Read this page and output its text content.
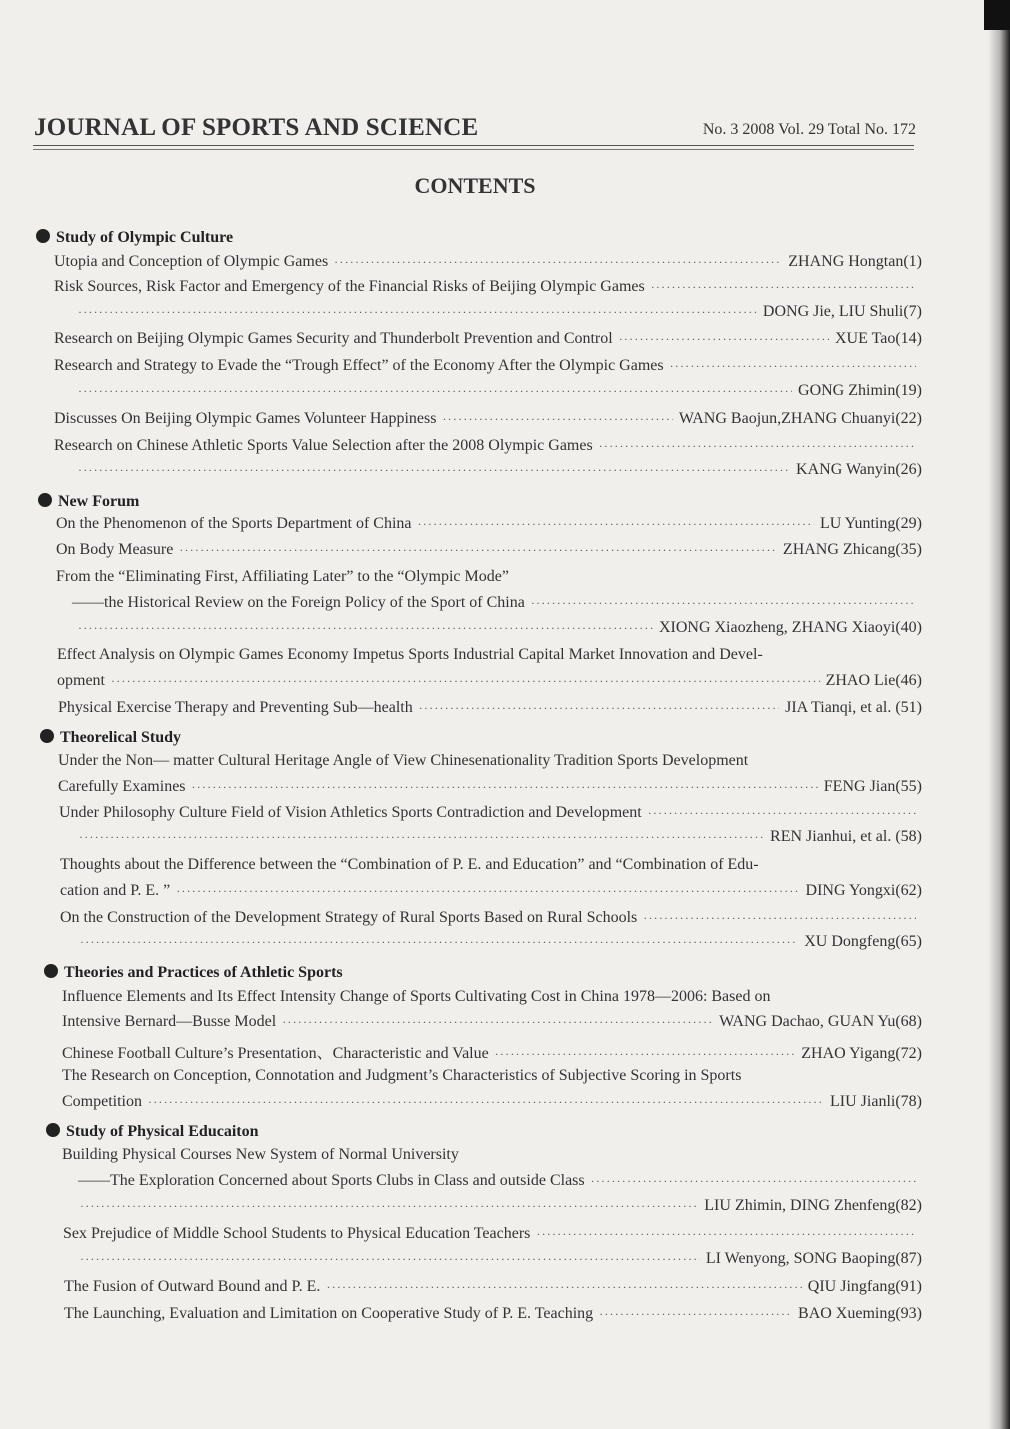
JOURNAL OF SPORTS AND SCIENCE	No. 3 2008 Vol. 29 Total No. 172
CONTENTS
Study of Olympic Culture
Utopia and Conception of Olympic Games ·····	ZHANG Hongtan(1)
Risk Sources, Risk Factor and Emergency of the Financial Risks of Beijing Olympic Games
·····
·····
DONG Jie, LIU Shuli(7)
Research on Beijing Olympic Games Security and Thunderbolt Prevention and Control ·····	XUE Tao(14)
Research and Strategy to Evade the “Trough Effect” of the Economy After the Olympic Games
·····
·····
GONG Zhimin(19)
Discusses On Beijing Olympic Games Volunteer Happiness ·····	WANG Baojun,ZHANG Chuanyi(22)
Research on Chinese Athletic Sports Value Selection after the 2008 Olympic Games
·····
·····
KANG Wanyin(26)
New Forum
On the Phenomenon of the Sports Department of China ·····	LU Yunting(29)
On Body Measure ·····	ZHANG Zhicang(35)
From the “Eliminating First, Affiliating Later” to the “Olympic Mode”
——the Historical Review on the Foreign Policy of the Sport of China
·····
·····
XIONG Xiaozheng, ZHANG Xiaoyi(40)
Effect Analysis on Olympic Games Economy Impetus Sports Industrial Capital Market Innovation and Devel-
opment ·····	ZHAO Lie(46)
Physical Exercise Therapy and Preventing Sub—health ·····	JIA Tianqi, et al. (51)
Theorelical Study
Under the Non— matter Cultural Heritage Angle of View Chinesenationality Tradition Sports Development
Carefully Examines ·····	FENG Jian(55)
Under Philosophy Culture Field of Vision Athletics Sports Contradiction and Development
·····
·····
REN Jianhui, et al. (58)
Thoughts about the Difference between the “Combination of P. E. and Education” and “Combination of Edu-
cation and P. E. ” ·····	DING Yongxi(62)
On the Construction of the Development Strategy of Rural Sports Based on Rural Schools
·····
·····
XU Dongfeng(65)
Theories and Practices of Athletic Sports
Influence Elements and Its Effect Intensity Change of Sports Cultivating Cost in China 1978—2006: Based on
Intensive Bernard—Busse Model ·····	WANG Dachao, GUAN Yu(68)
Chinese Football Culture’s Presentation、Characteristic and Value ·····	ZHAO Yigang(72)
The Research on Conception, Connotation and Judgment’s Characteristics of Subjective Scoring in Sports
Competition ·····	LIU Jianli(78)
Study of Physical Educaiton
Building Physical Courses New System of Normal University
——The Exploration Concerned about Sports Clubs in Class and outside Class
·····
·····
LIU Zhimin, DING Zhenfeng(82)
Sex Prejudice of Middle School Students to Physical Education Teachers
·····
·····
LI Wenyong, SONG Baoping(87)
The Fusion of Outward Bound and P. E. ·····	QIU Jingfang(91)
The Launching, Evaluation and Limitation on Cooperative Study of P. E. Teaching ·····	BAO Xueming(93)
